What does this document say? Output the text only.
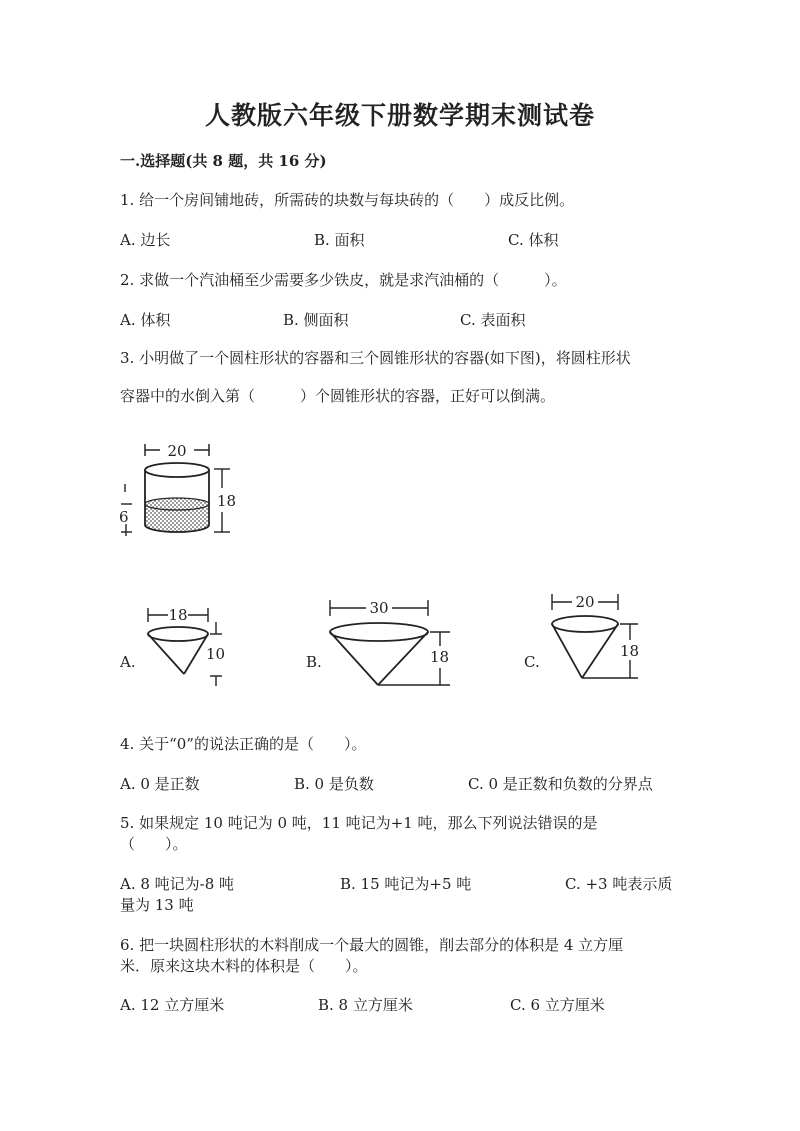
人教版六年级下册数学期末测试卷
一.选择题(共 8 题，共 16 分)
1. 给一个房间铺地砖，所需砖的块数与每块砖的（　　）成反比例。
A. 边长	B. 面积	C. 体积
2. 求做一个汽油桶至少需要多少铁皮，就是求汽油桶的（　　　）。
A. 体积	B. 侧面积	C. 表面积
3. 小明做了一个圆柱形状的容器和三个圆锥形状的容器(如下图)，将圆柱形状
容器中的水倒入第（　　　）个圆锥形状的容器，正好可以倒满。
20
18
6
A.
18
10	B.
30
18	C.
20
18
4. 关于“0”的说法正确的是（　　）。
A. 0 是正数	B. 0 是负数	C. 0 是正数和负数的分界点
5. 如果规定 10 吨记为 0 吨，11 吨记为+1 吨，那么下列说法错误的是
（　　）。
A. 8 吨记为-8 吨	B. 15 吨记为+5 吨	C. +3 吨表示质
量为 13 吨
6. 把一块圆柱形状的木料削成一个最大的圆锥，削去部分的体积是 4 立方厘
米．原来这块木料的体积是（　　）。
A. 12 立方厘米	B. 8 立方厘米	C. 6 立方厘米
